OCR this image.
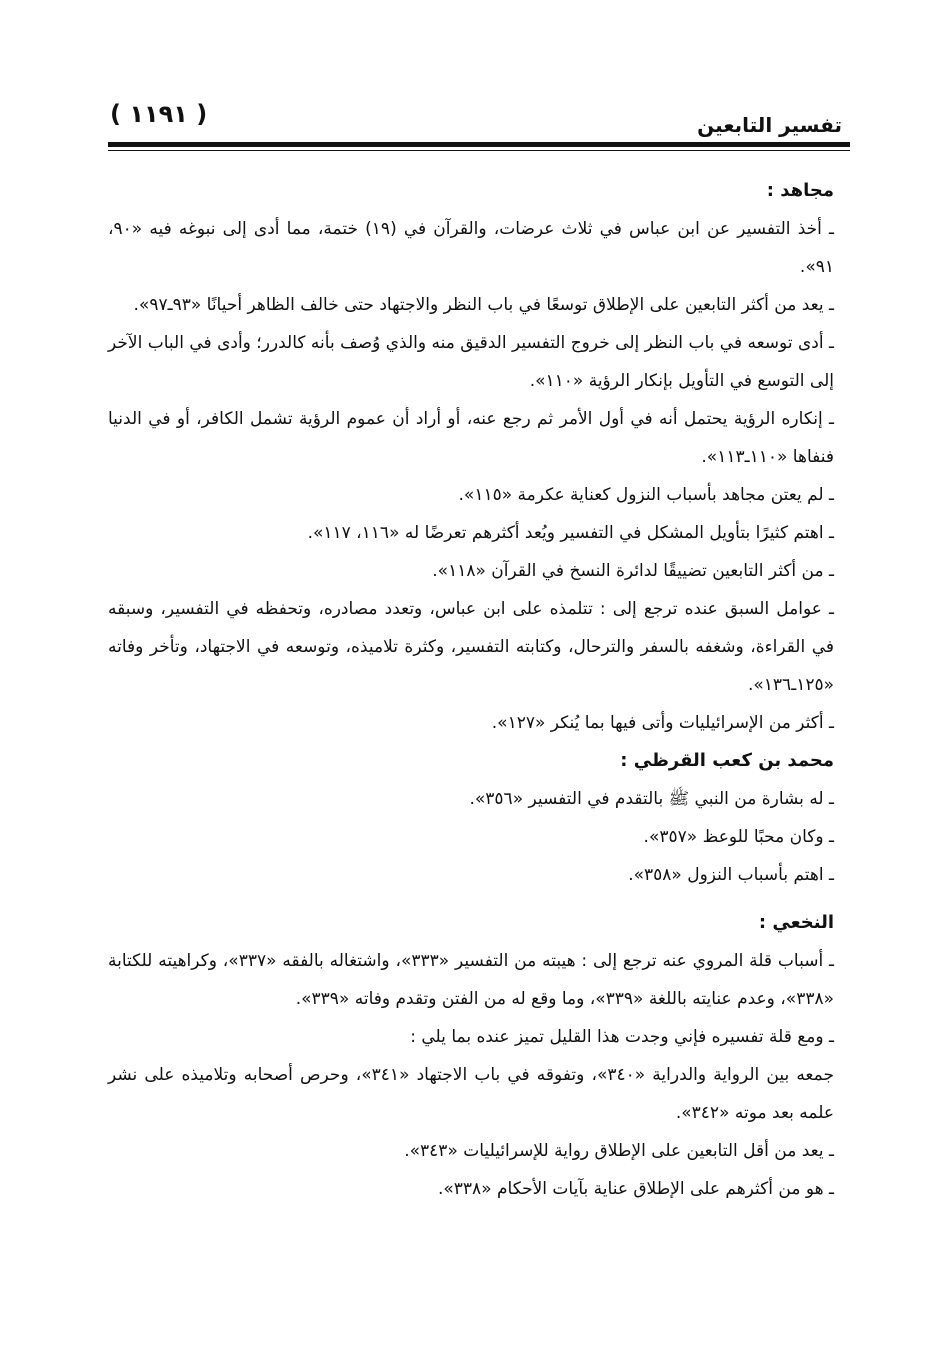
( ١١٩١ )	تفسير التابعين

مجاهد :

ـ أخذ التفسير عن ابن عباس في ثلاث عرضات، والقرآن في (١٩) ختمة، مما أدى إلى نبوغه فيه «٩٠، ٩١».

ـ يعد من أكثر التابعين على الإطلاق توسعًا في باب النظر والاجتهاد حتى خالف الظاهر أحيانًا «٩٣ـ٩٧».

ـ أدى توسعه في باب النظر إلى خروج التفسير الدقيق منه والذي وُصف بأنه كالدرر؛ وأدى في الباب الآخر إلى التوسع في التأويل بإنكار الرؤية «١١٠».

ـ إنكاره الرؤية يحتمل أنه في أول الأمر ثم رجع عنه، أو أراد أن عموم الرؤية تشمل الكافر، أو في الدنيا فنفاها «١١٠ـ١١٣».

ـ لم يعتن مجاهد بأسباب النزول كعناية عكرمة «١١٥».

ـ اهتم كثيرًا بتأويل المشكل في التفسير ويُعد أكثرهم تعرضًا له «١١٦، ١١٧».

ـ من أكثر التابعين تضييقًا لدائرة النسخ في القرآن «١١٨».

ـ عوامل السبق عنده ترجع إلى : تتلمذه على ابن عباس، وتعدد مصادره، وتحفظه في التفسير، وسبقه في القراءة، وشغفه بالسفر والترحال، وكتابته التفسير، وكثرة تلاميذه، وتوسعه في الاجتهاد، وتأخر وفاته «١٢٥ـ١٣٦».

ـ أكثر من الإسرائيليات وأتى فيها بما يُنكر «١٢٧».

محمد بن كعب القرظي :

ـ له بشارة من النبي ﷺ بالتقدم في التفسير «٣٥٦».

ـ وكان محبًا للوعظ «٣٥٧».

ـ اهتم بأسباب النزول «٣٥٨».

النخعي :

ـ أسباب قلة المروي عنه ترجع إلى : هيبته من التفسير «٣٣٣»، واشتغاله بالفقه «٣٣٧»، وكراهيته للكتابة «٣٣٨»، وعدم عنايته باللغة «٣٣٩»، وما وقع له من الفتن وتقدم وفاته «٣٣٩».

ـ ومع قلة تفسيره فإني وجدت هذا القليل تميز عنده بما يلي :

جمعه بين الرواية والدراية «٣٤٠»، وتفوقه في باب الاجتهاد «٣٤١»، وحرص أصحابه وتلاميذه على نشر علمه بعد موته «٣٤٢».

ـ يعد من أقل التابعين على الإطلاق رواية للإسرائيليات «٣٤٣».

ـ هو من أكثرهم على الإطلاق عناية بآيات الأحكام «٣٣٨».
